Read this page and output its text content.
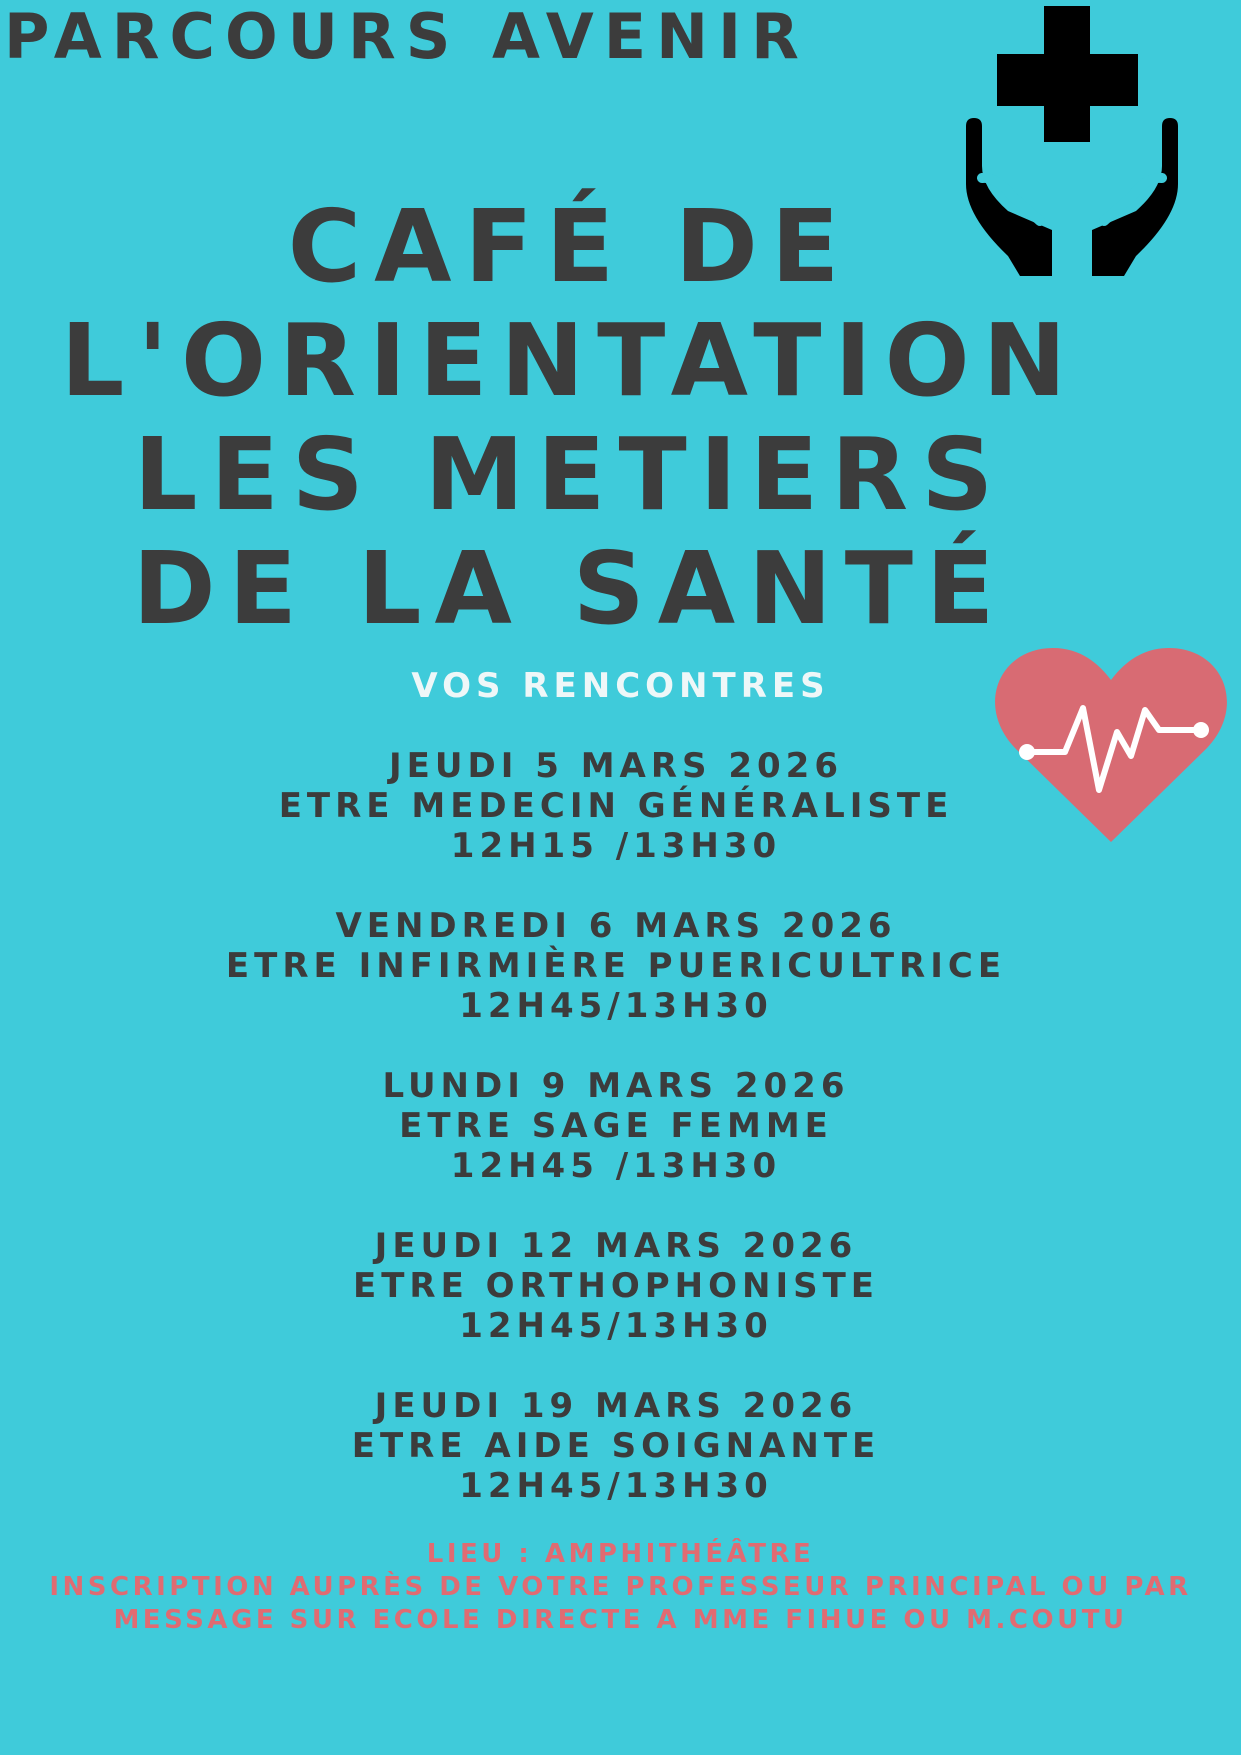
PARCOURS AVENIR
CAFÉ DE
L'ORIENTATION
LES METIERS
DE LA SANTÉ
VOS RENCONTRES
JEUDI 5 MARS 2026
ETRE MEDECIN GÉNÉRALISTE
12H15 /13H30
VENDREDI 6 MARS 2026
ETRE INFIRMIÈRE PUERICULTRICE
12H45/13H30
LUNDI 9 MARS 2026
ETRE SAGE FEMME
12H45 /13H30
JEUDI 12 MARS 2026
ETRE ORTHOPHONISTE
12H45/13H30
JEUDI 19 MARS 2026
ETRE AIDE SOIGNANTE
12H45/13H30
LIEU : AMPHITHÉÂTRE
INSCRIPTION AUPRÈS DE VOTRE PROFESSEUR PRINCIPAL OU PAR
MESSAGE SUR ECOLE DIRECTE A MME FIHUE OU M.COUTU
